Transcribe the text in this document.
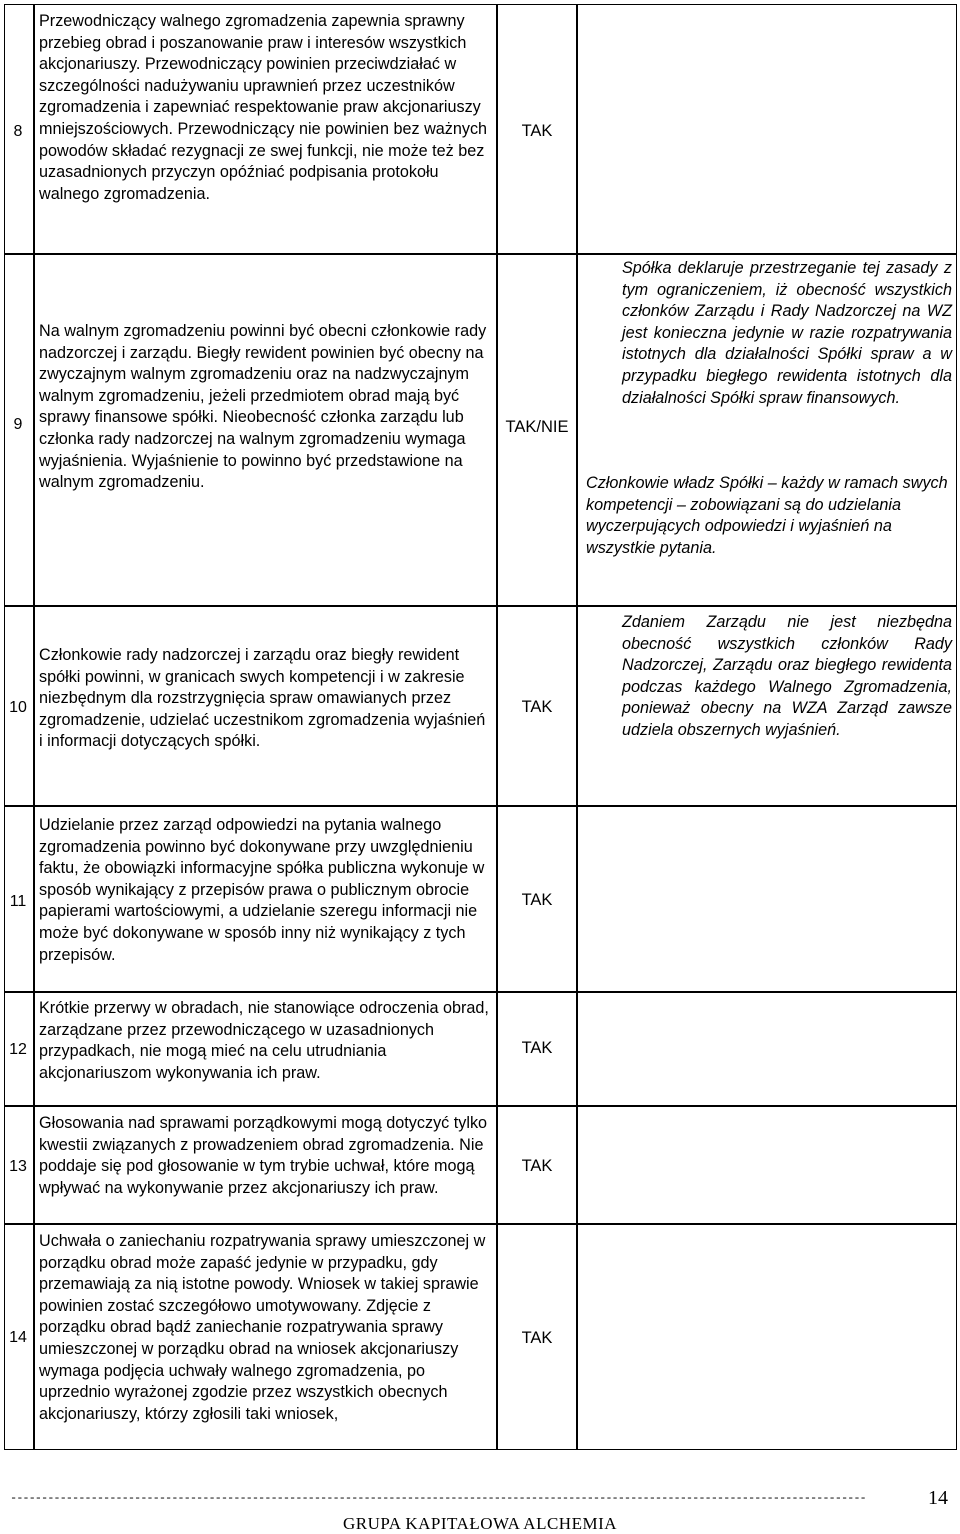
8
Przewodniczący walnego zgromadzenia zapewnia sprawny przebieg obrad i poszanowanie praw i interesów wszystkich akcjonariuszy. Przewodniczący powinien przeciwdziałać w szczególności nadużywaniu uprawnień przez uczestników zgromadzenia i zapewniać respektowanie praw akcjonariuszy mniejszościowych. Przewodniczący nie powinien bez ważnych powodów składać rezygnacji ze swej funkcji, nie może też bez uzasadnionych przyczyn opóźniać podpisania protokołu walnego zgromadzenia.
TAK
9
Na walnym zgromadzeniu powinni być obecni członkowie rady nadzorczej i zarządu. Biegły rewident powinien być obecny na zwyczajnym walnym zgromadzeniu oraz na nadzwyczajnym walnym zgromadzeniu, jeżeli przedmiotem obrad mają być sprawy finansowe spółki. Nieobecność członka zarządu lub członka rady nadzorczej na walnym zgromadzeniu wymaga wyjaśnienia. Wyjaśnienie to powinno być przedstawione na walnym zgromadzeniu.
TAK/NIE

Spółka deklaruje przestrzeganie tej zasady z tym ograniczeniem, iż obecność wszystkich członków Zarządu i Rady Nadzorczej na WZ jest konieczna jedynie w razie rozpatrywania istotnych dla działalności Spółki spraw a w przypadku biegłego rewidenta istotnych dla działalności Spółki spraw finansowych.

Członkowie władz Spółki – każdy w ramach swych kompetencji – zobowiązani są do udzielania wyczerpujących odpowiedzi i wyjaśnień na wszystkie pytania.

10
Członkowie rady nadzorczej i zarządu oraz biegły rewident spółki powinni, w granicach swych kompetencji i w zakresie niezbędnym dla rozstrzygnięcia spraw omawianych przez zgromadzenie, udzielać uczestnikom zgromadzenia wyjaśnień i informacji dotyczących spółki.
TAK
Zdaniem Zarządu nie jest niezbędna obecność wszystkich członków Rady Nadzorczej, Zarządu oraz biegłego rewidenta podczas każdego Walnego Zgromadzenia, ponieważ obecny na WZA Zarząd zawsze udziela obszernych wyjaśnień.
11
Udzielanie przez zarząd odpowiedzi na pytania walnego zgromadzenia powinno być dokonywane przy uwzględnieniu faktu, że obowiązki informacyjne spółka publiczna wykonuje w sposób wynikający z przepisów prawa o publicznym obrocie papierami wartościowymi, a udzielanie szeregu informacji nie może być dokonywane w sposób inny niż wynikający z tych przepisów.
TAK
12
Krótkie przerwy w obradach, nie stanowiące odroczenia obrad, zarządzane przez przewodniczącego w uzasadnionych przypadkach, nie mogą mieć na celu utrudniania akcjonariuszom wykonywania ich praw.
TAK
13
Głosowania nad sprawami porządkowymi mogą dotyczyć tylko kwestii związanych z prowadzeniem obrad zgromadzenia. Nie poddaje się pod głosowanie w tym trybie uchwał, które mogą wpływać na wykonywanie przez akcjonariuszy ich praw.
TAK
14
Uchwała o zaniechaniu rozpatrywania sprawy umieszczonej w porządku obrad może zapaść jedynie w przypadku, gdy przemawiają za nią istotne powody. Wniosek w takiej sprawie powinien zostać szczegółowo umotywowany. Zdjęcie z porządku obrad bądź zaniechanie rozpatrywania sprawy umieszczonej w porządku obrad na wniosek akcjonariuszy wymaga podjęcia uchwały walnego zgromadzenia, po uprzednio wyrażonej zgodzie przez wszystkich obecnych akcjonariuszy, którzy zgłosili taki wniosek,
TAK
------------------------------------------------------------------------------------------------------------------------------------------	14
GRUPA KAPITAŁOWA ALCHEMIA
